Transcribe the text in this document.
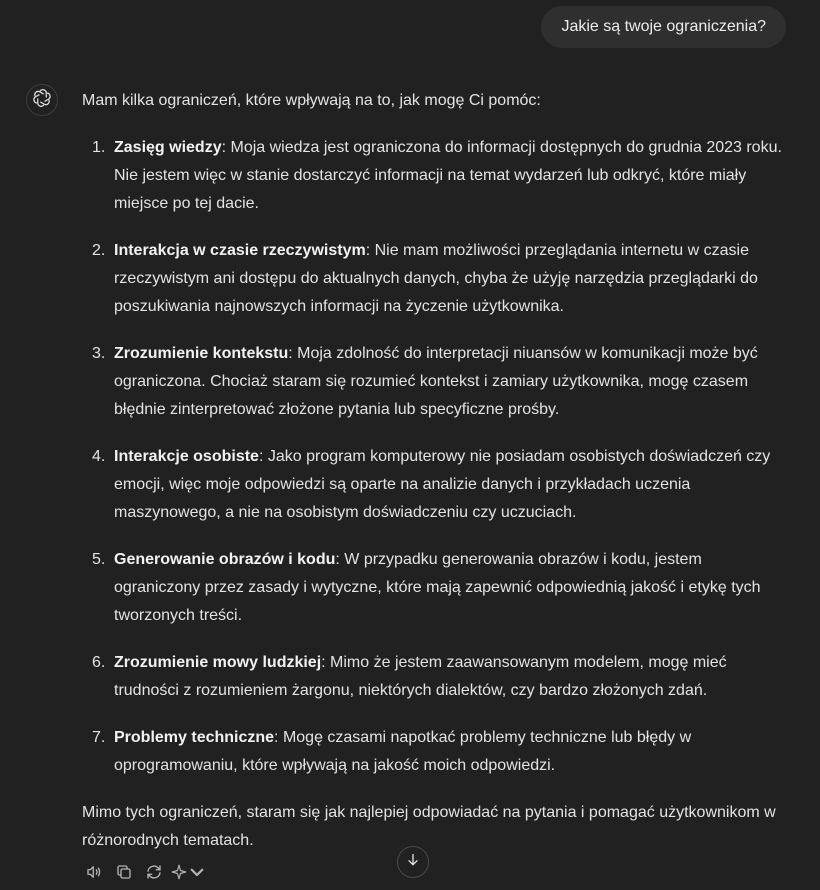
Jakie są twoje ograniczenia?

Mam kilka ograniczeń, które wpływają na to, jak mogę Ci pomóc:

1. Zasięg wiedzy: Moja wiedza jest ograniczona do informacji dostępnych do grudnia 2023 roku. Nie jestem więc w stanie dostarczyć informacji na temat wydarzeń lub odkryć, które miały miejsce po tej dacie.
2. Interakcja w czasie rzeczywistym: Nie mam możliwości przeglądania internetu w czasie rzeczywistym ani dostępu do aktualnych danych, chyba że użyję narzędzia przeglądarki do poszukiwania najnowszych informacji na życzenie użytkownika.
3. Zrozumienie kontekstu: Moja zdolność do interpretacji niuansów w komunikacji może być ograniczona. Chociaż staram się rozumieć kontekst i zamiary użytkownika, mogę czasem błędnie zinterpretować złożone pytania lub specyficzne prośby.
4. Interakcje osobiste: Jako program komputerowy nie posiadam osobistych doświadczeń czy emocji, więc moje odpowiedzi są oparte na analizie danych i przykładach uczenia maszynowego, a nie na osobistym doświadczeniu czy uczuciach.
5. Generowanie obrazów i kodu: W przypadku generowania obrazów i kodu, jestem ograniczony przez zasady i wytyczne, które mają zapewnić odpowiednią jakość i etykę tych tworzonych treści.
6. Zrozumienie mowy ludzkiej: Mimo że jestem zaawansowanym modelem, mogę mieć trudności z rozumieniem żargonu, niektórych dialektów, czy bardzo złożonych zdań.
7. Problemy techniczne: Mogę czasami napotkać problemy techniczne lub błędy w oprogramowaniu, które wpływają na jakość moich odpowiedzi.

Mimo tych ograniczeń, staram się jak najlepiej odpowiadać na pytania i pomagać użytkownikom w różnorodnych tematach.
